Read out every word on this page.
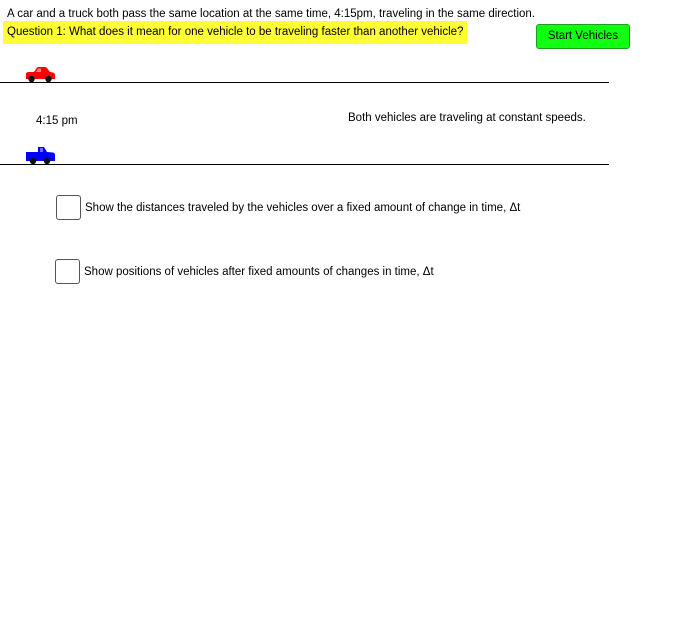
A car and a truck both pass the same location at the same time, 4:15pm, traveling in the same direction.
Question 1: What does it mean for one vehicle to be traveling faster than another vehicle?	Start Vehicles
4:15 pm	Both vehicles are traveling at constant speeds.
Show the distances traveled by the vehicles over a fixed amount of change in time, Δt
Show positions of vehicles after fixed amounts of changes in time, Δt
